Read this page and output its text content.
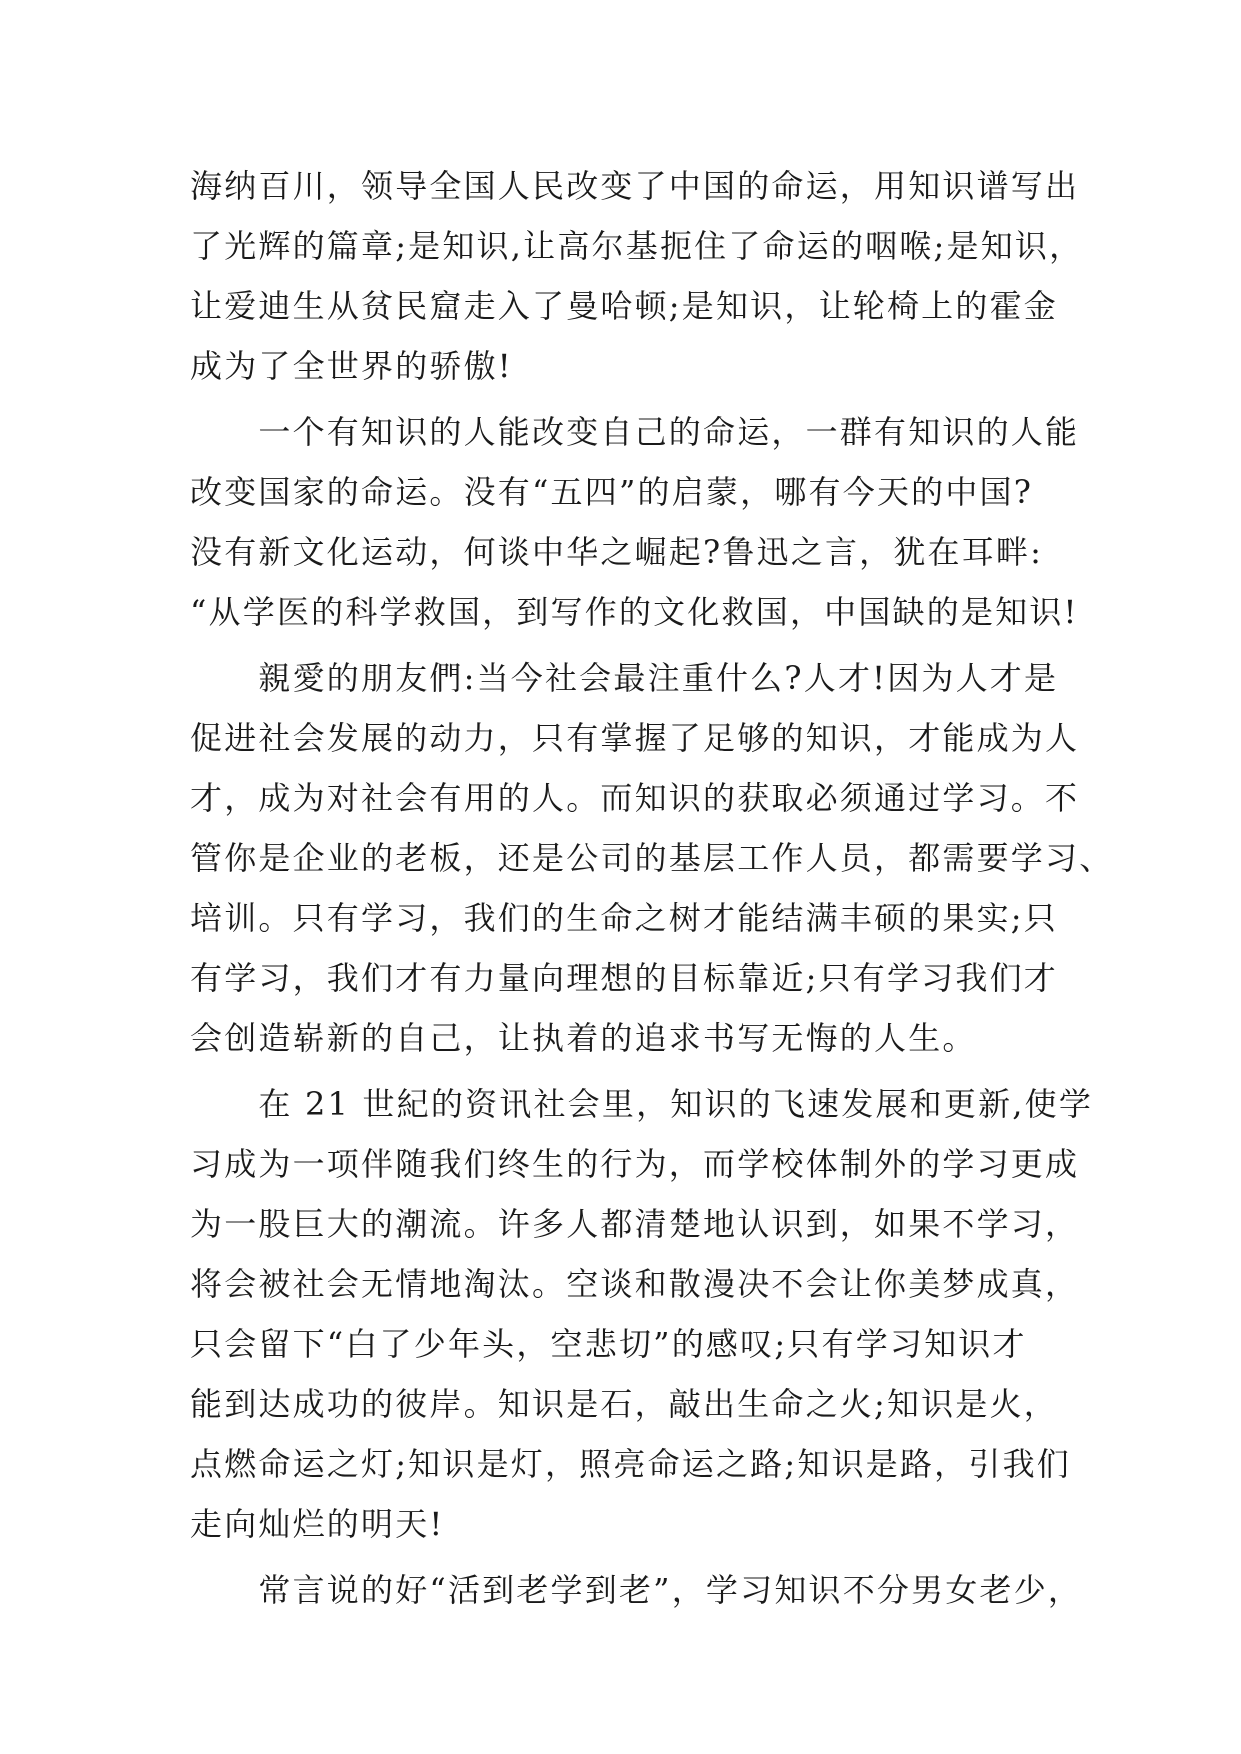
海纳百川，领导全国人民改变了中国的命运，用知识谱写出
了光辉的篇章;是知识,让高尔基扼住了命运的咽喉;是知识，
让爱迪生从贫民窟走入了曼哈顿;是知识，让轮椅上的霍金
成为了全世界的骄傲!
　　一个有知识的人能改变自己的命运，一群有知识的人能
改变国家的命运。没有“五四”的启蒙，哪有今天的中国?
没有新文化运动，何谈中华之崛起?鲁迅之言，犹在耳畔:
“从学医的科学救国，到写作的文化救国，中国缺的是知识!
　　親愛的朋友們:当今社会最注重什么?人才!因为人才是
促进社会发展的动力，只有掌握了足够的知识，才能成为人
才，成为对社会有用的人。而知识的获取必须通过学习。不
管你是企业的老板，还是公司的基层工作人员，都需要学习、
培训。只有学习，我们的生命之树才能结满丰硕的果实;只
有学习，我们才有力量向理想的目标靠近;只有学习我们才
会创造崭新的自己，让执着的追求书写无悔的人生。
　　在 21 世紀的资讯社会里，知识的飞速发展和更新,使学
习成为一项伴随我们终生的行为，而学校体制外的学习更成
为一股巨大的潮流。许多人都清楚地认识到，如果不学习，
将会被社会无情地淘汰。空谈和散漫决不会让你美梦成真，
只会留下“白了少年头，空悲切”的感叹;只有学习知识才
能到达成功的彼岸。知识是石，敲出生命之火;知识是火，
点燃命运之灯;知识是灯，照亮命运之路;知识是路，引我们
走向灿烂的明天!
　　常言说的好“活到老学到老”，学习知识不分男女老少，
